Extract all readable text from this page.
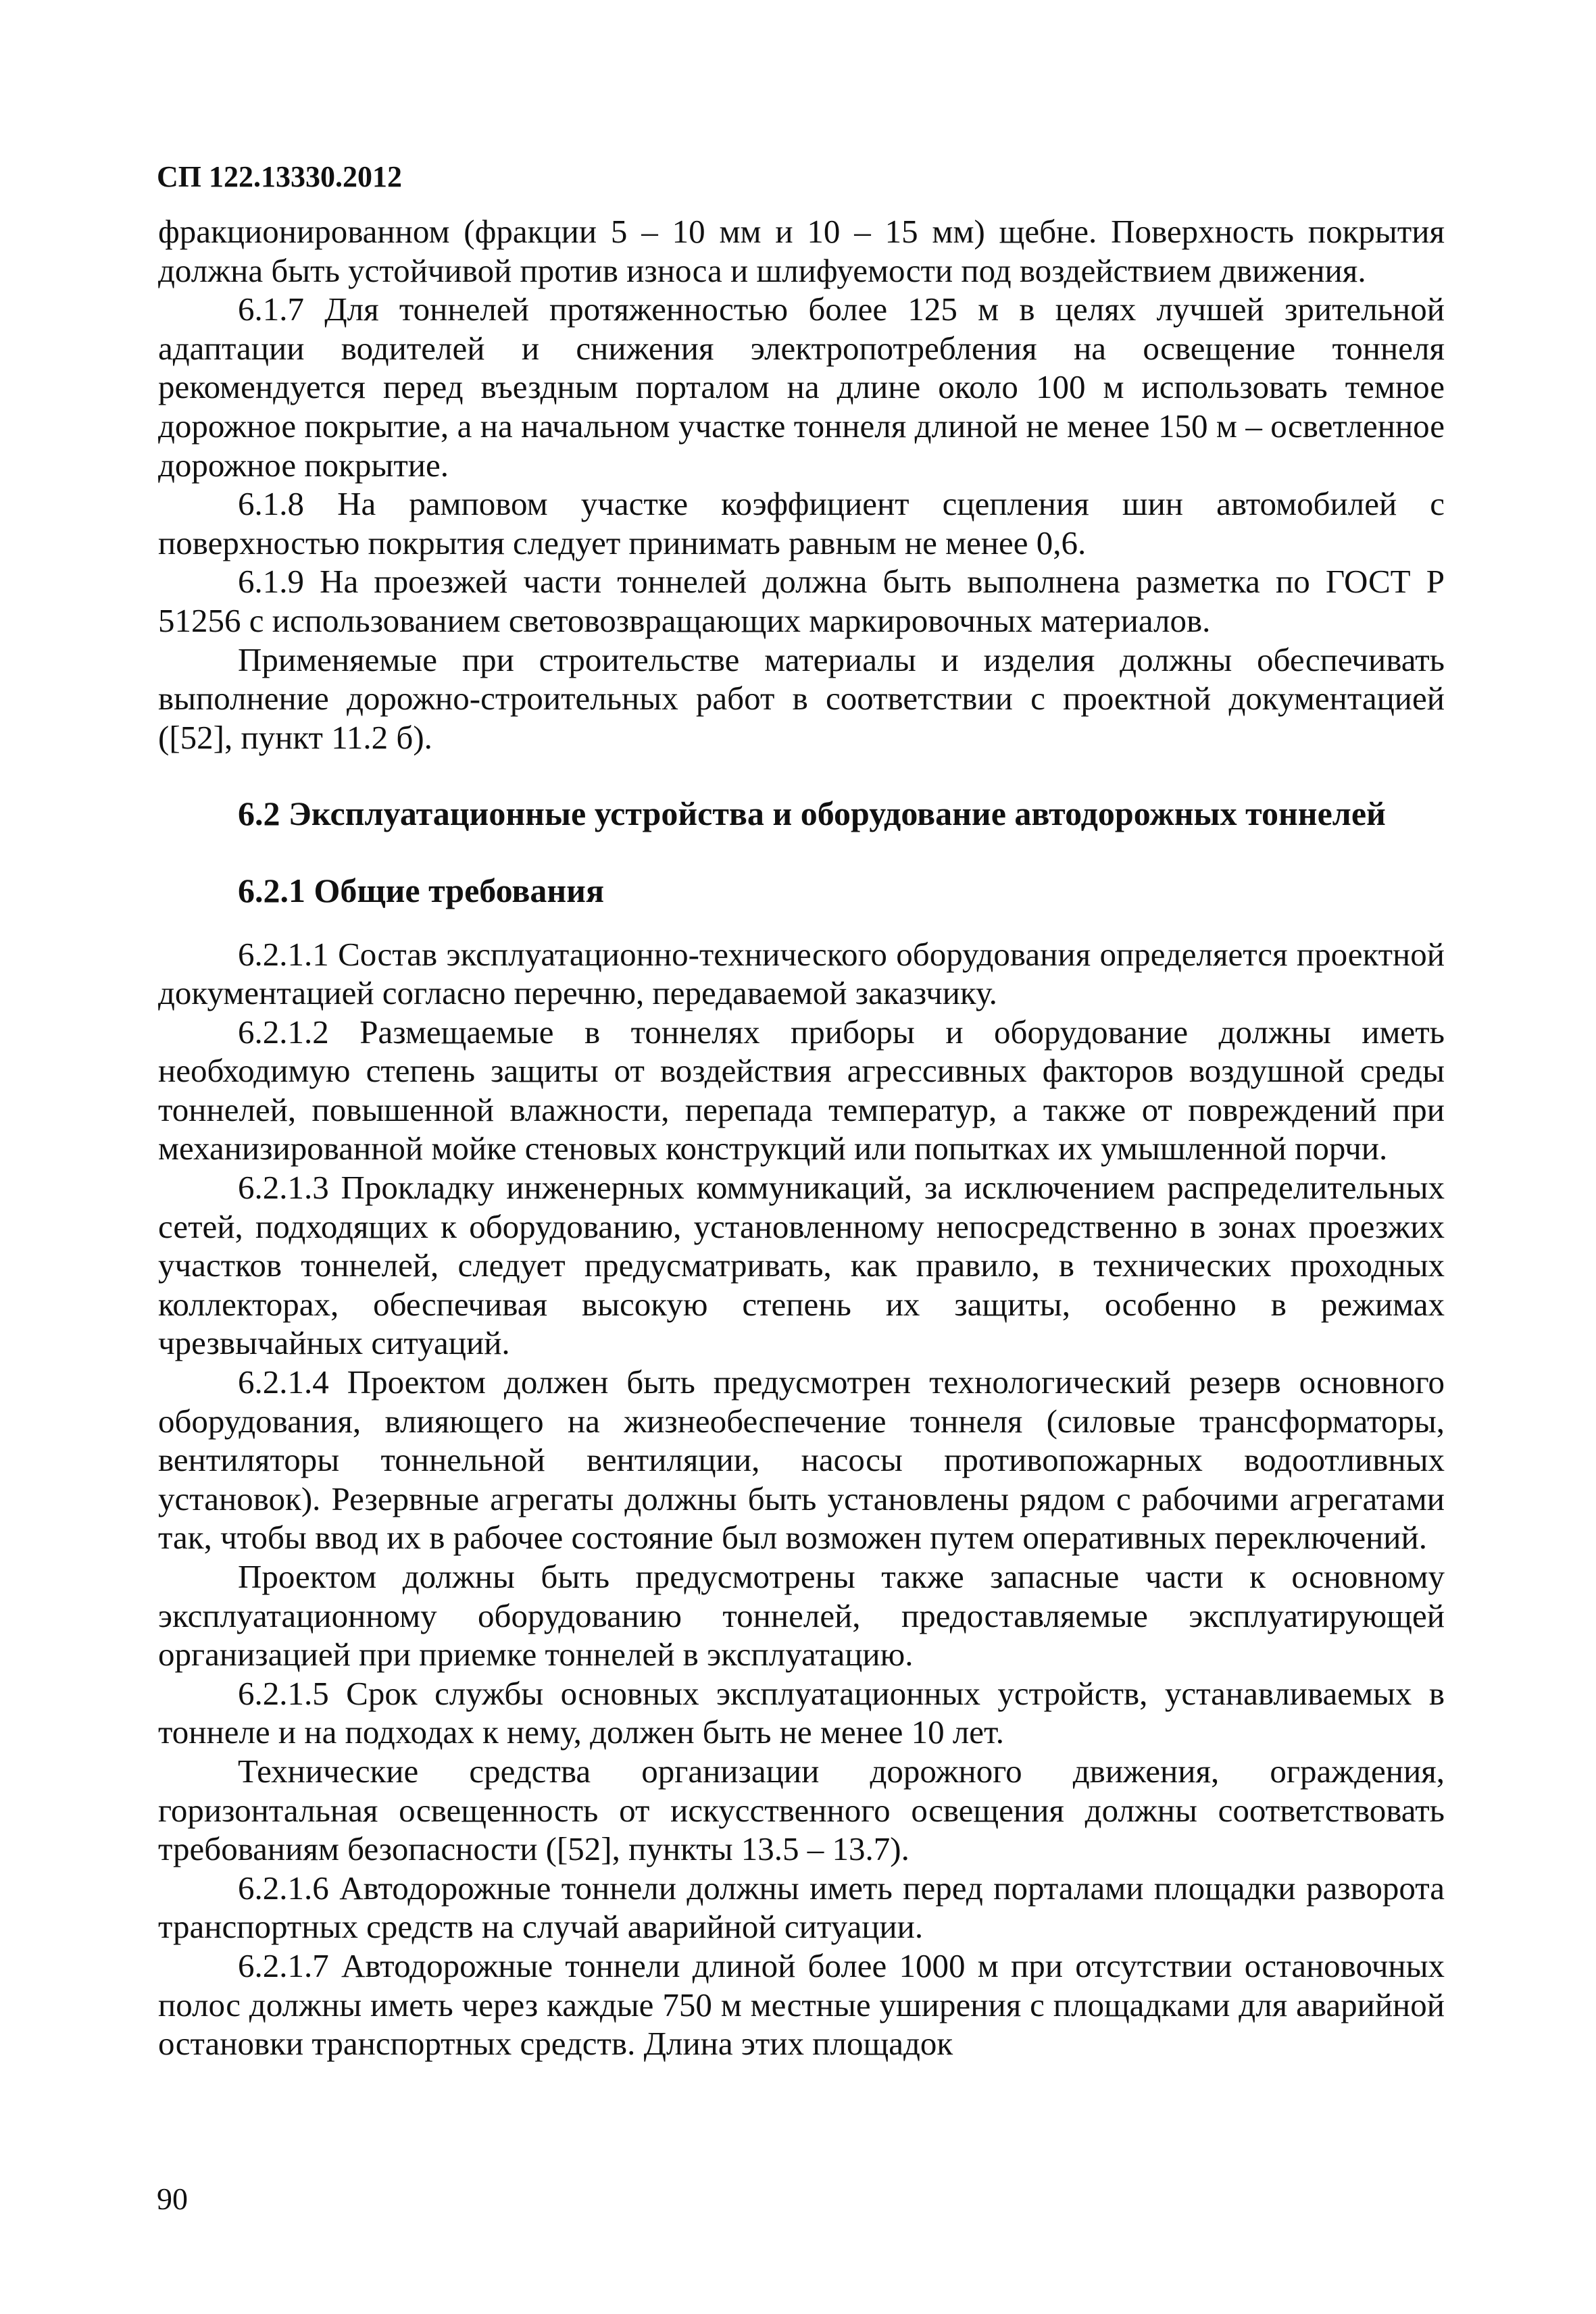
СП 122.13330.2012

фракционированном (фракции 5 – 10 мм и 10 – 15 мм) щебне. Поверхность покрытия должна быть устойчивой против износа и шлифуемости под воздействием движения.

6.1.7 Для тоннелей протяженностью более 125 м в целях лучшей зрительной адаптации водителей и снижения электропотребления на освещение тоннеля рекомендуется перед въездным порталом на длине около 100 м использовать темное дорожное покрытие, а на начальном участке тоннеля длиной не менее 150 м – осветленное дорожное покрытие.

6.1.8 На рамповом участке коэффициент сцепления шин автомобилей с поверхностью покрытия следует принимать равным не менее 0,6.

6.1.9 На проезжей части тоннелей должна быть выполнена разметка по ГОСТ Р 51256 с использованием световозвращающих маркировочных материалов.

Применяемые при строительстве материалы и изделия должны обеспечивать выполнение дорожно-строительных работ в соответствии с проектной документацией ([52], пункт 11.2 б).

6.2 Эксплуатационные устройства и оборудование автодорожных тоннелей
6.2.1 Общие требования

6.2.1.1 Состав эксплуатационно-технического оборудования определяется проектной документацией согласно перечню, передаваемой заказчику.

6.2.1.2 Размещаемые в тоннелях приборы и оборудование должны иметь необходимую степень защиты от воздействия агрессивных факторов воздушной среды тоннелей, повышенной влажности, перепада температур, а также от повреждений при механизированной мойке стеновых конструкций или попытках их умышленной порчи.

6.2.1.3 Прокладку инженерных коммуникаций, за исключением распределительных сетей, подходящих к оборудованию, установленному непосредственно в зонах проезжих участков тоннелей, следует предусматривать, как правило, в технических проходных коллекторах, обеспечивая высокую степень их защиты, особенно в режимах чрезвычайных ситуаций.

6.2.1.4 Проектом должен быть предусмотрен технологический резерв основного оборудования, влияющего на жизнеобеспечение тоннеля (силовые трансформаторы, вентиляторы тоннельной вентиляции, насосы противопожарных водоотливных установок). Резервные агрегаты должны быть установлены рядом с рабочими агрегатами так, чтобы ввод их в рабочее состояние был возможен путем оперативных переключений.

Проектом должны быть предусмотрены также запасные части к основному эксплуатационному оборудованию тоннелей, предоставляемые эксплуатирующей организацией при приемке тоннелей в эксплуатацию.

6.2.1.5 Срок службы основных эксплуатационных устройств, устанавливаемых в тоннеле и на подходах к нему, должен быть не менее 10 лет.

Технические средства организации дорожного движения, ограждения, горизонтальная освещенность от искусственного освещения должны соответствовать требованиям безопасности ([52], пункты 13.5 – 13.7).

6.2.1.6 Автодорожные тоннели должны иметь перед порталами площадки разворота транспортных средств на случай аварийной ситуации.

6.2.1.7 Автодорожные тоннели длиной более 1000 м при отсутствии остановочных полос должны иметь через каждые 750 м местные уширения с площадками для аварийной остановки транспортных средств. Длина этих площадок

90
